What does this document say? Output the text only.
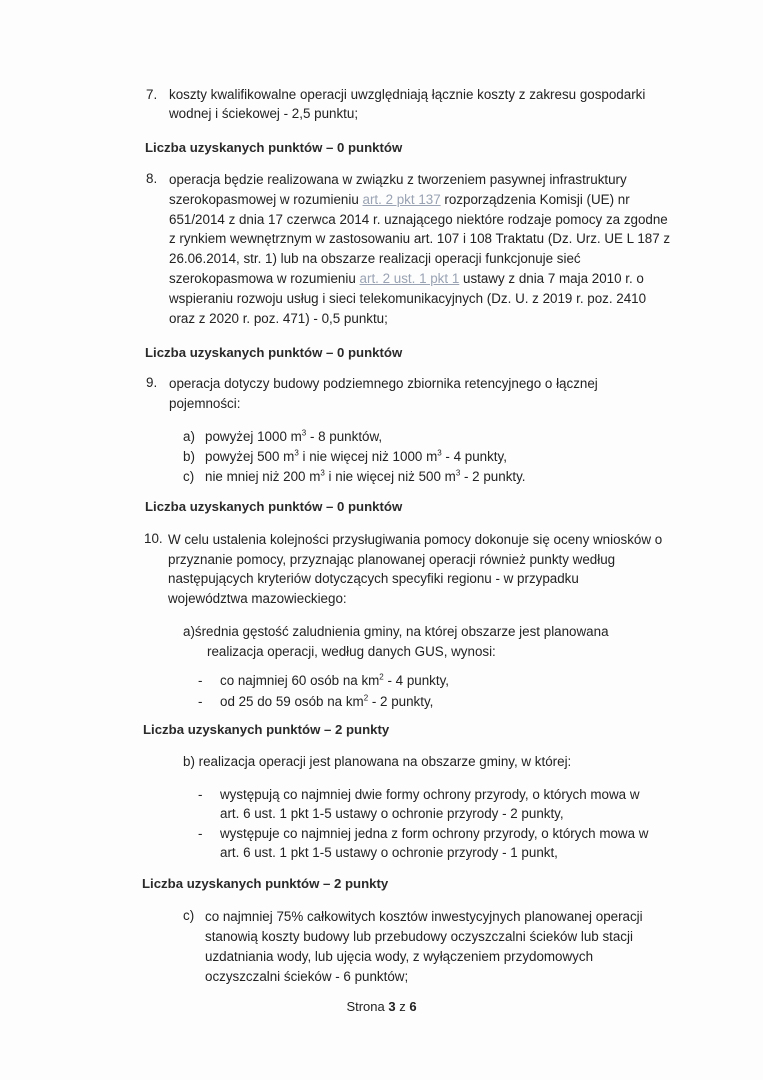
7. koszty kwalifikowalne operacji uwzględniają łącznie koszty z zakresu gospodarki
wodnej i ściekowej - 2,5 punktu;
Liczba uzyskanych punktów – 0 punktów
8. operacja będzie realizowana w związku z tworzeniem pasywnej infrastruktury
szerokopasmowej w rozumieniu art. 2 pkt 137 rozporządzenia Komisji (UE) nr
651/2014 z dnia 17 czerwca 2014 r. uznającego niektóre rodzaje pomocy za zgodne
z rynkiem wewnętrznym w zastosowaniu art. 107 i 108 Traktatu (Dz. Urz. UE L 187 z
26.06.2014, str. 1) lub na obszarze realizacji operacji funkcjonuje sieć
szerokopasmowa w rozumieniu art. 2 ust. 1 pkt 1 ustawy z dnia 7 maja 2010 r. o
wspieraniu rozwoju usług i sieci telekomunikacyjnych (Dz. U. z 2019 r. poz. 2410
oraz z 2020 r. poz. 471) - 0,5 punktu;
Liczba uzyskanych punktów – 0 punktów
9. operacja dotyczy budowy podziemnego zbiornika retencyjnego o łącznej
pojemności:
a) powyżej 1000 $m^3 - 8$ punktów,
b) powyżej 500 $m^3$ i nie więcej niż 1000 $m^3 - 4$ punkty,
c) nie mniej niż 200 $m^3$ i nie więcej niż 500 $m^3 - 2$ punkty.
Liczba uzyskanych punktów – 0 punktów
10. W celu ustalenia kolejności przysługiwania pomocy dokonuje się oceny wniosków o
przyznanie pomocy, przyznając planowanej operacji również punkty według
następujących kryteriów dotyczących specyfiki regionu - w przypadku
województwa mazowieckiego:
a)średnia gęstość zaludnienia gminy, na której obszarze jest planowana
realizacja operacji, według danych GUS, wynosi:
- co najmniej 60 osób na $km^2 - 4$ punkty,
- od 25 do 59 osób na $km^2 - 2$ punkty,
Liczba uzyskanych punktów – 2 punkty
b) realizacja operacji jest planowana na obszarze gminy, w której:
-	występują co najmniej dwie formy ochrony przyrody, o których mowa w
art. 6 ust. 1 pkt 1-5 ustawy o ochronie przyrody - 2 punkty,
-	występuje co najmniej jedna z form ochrony przyrody, o których mowa w
art. 6 ust. 1 pkt 1-5 ustawy o ochronie przyrody - 1 punkt,
Liczba uzyskanych punktów – 2 punkty
c) co najmniej 75% całkowitych kosztów inwestycyjnych planowanej operacji
stanowią koszty budowy lub przebudowy oczyszczalni ścieków lub stacji
uzdatniania wody, lub ujęcia wody, z wyłączeniem przydomowych
oczyszczalni ścieków - 6 punktów;
Strona 3 z 6
